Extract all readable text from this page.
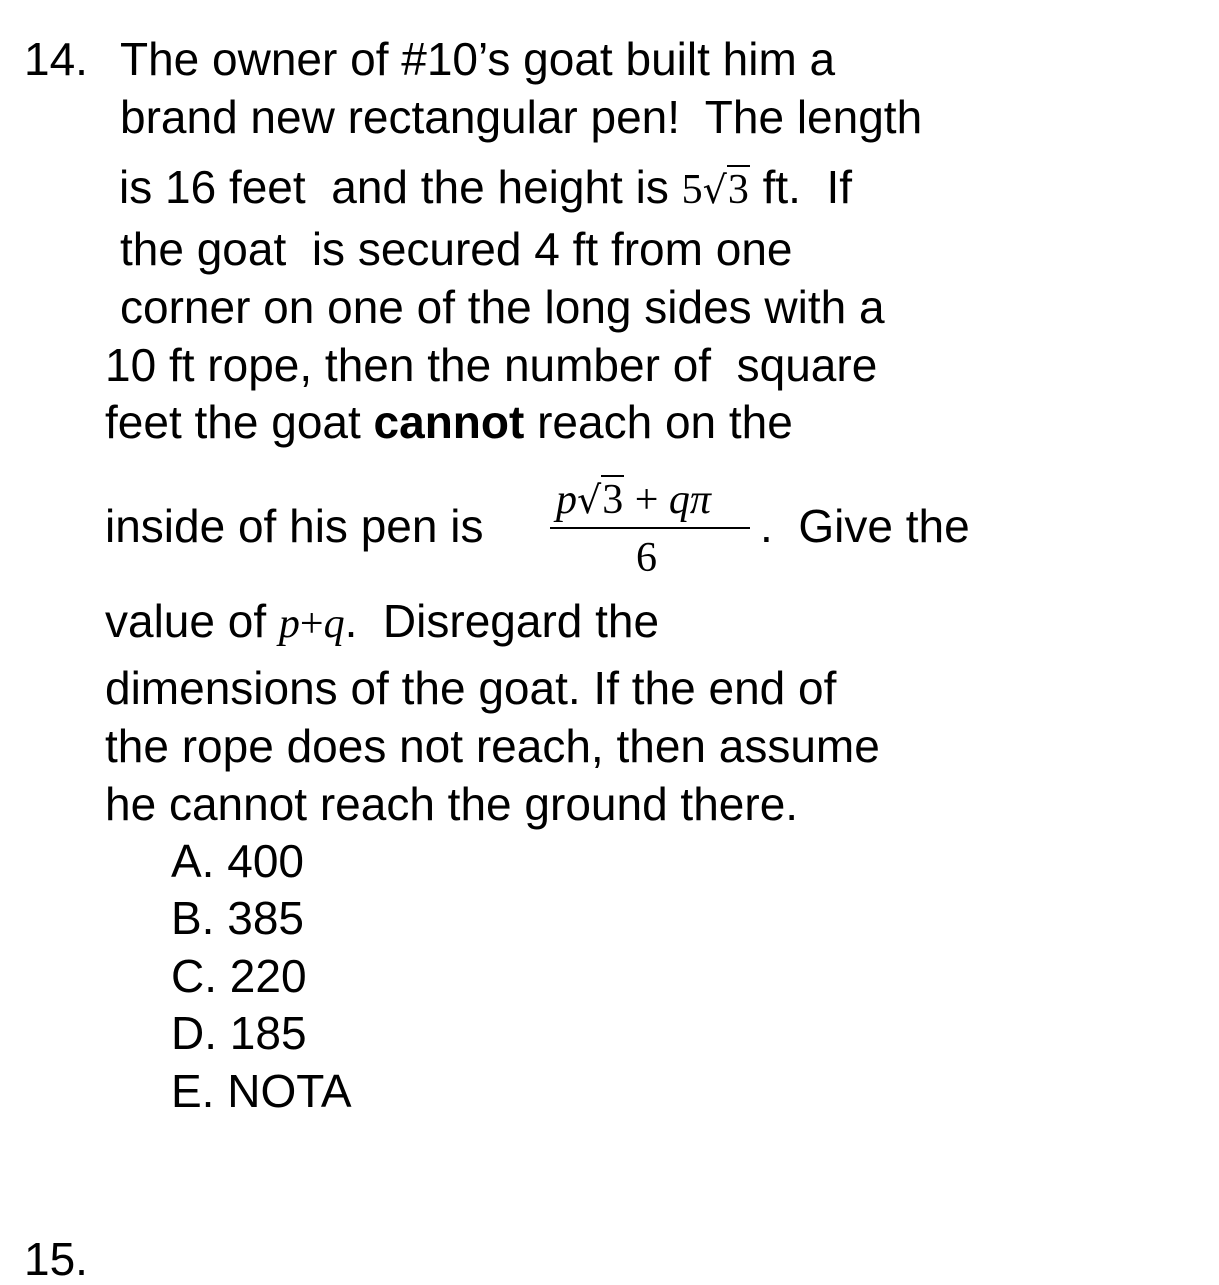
14. The owner of #10’s goat built him a
brand new rectangular pen!  The length
is 16 feet  and the height is 5√3 ft.  If
the goat  is secured 4 ft from one
corner on one of the long sides with a
10 ft rope, then the number of  square
feet the goat cannot reach on the
inside of his pen is p√3 + qπ
6
.  Give the
value of p+q.  Disregard the
dimensions of the goat. If the end of
the rope does not reach, then assume
he cannot reach the ground there.
A. 400
B. 385
C. 220
D. 185
E. NOTA
15.
